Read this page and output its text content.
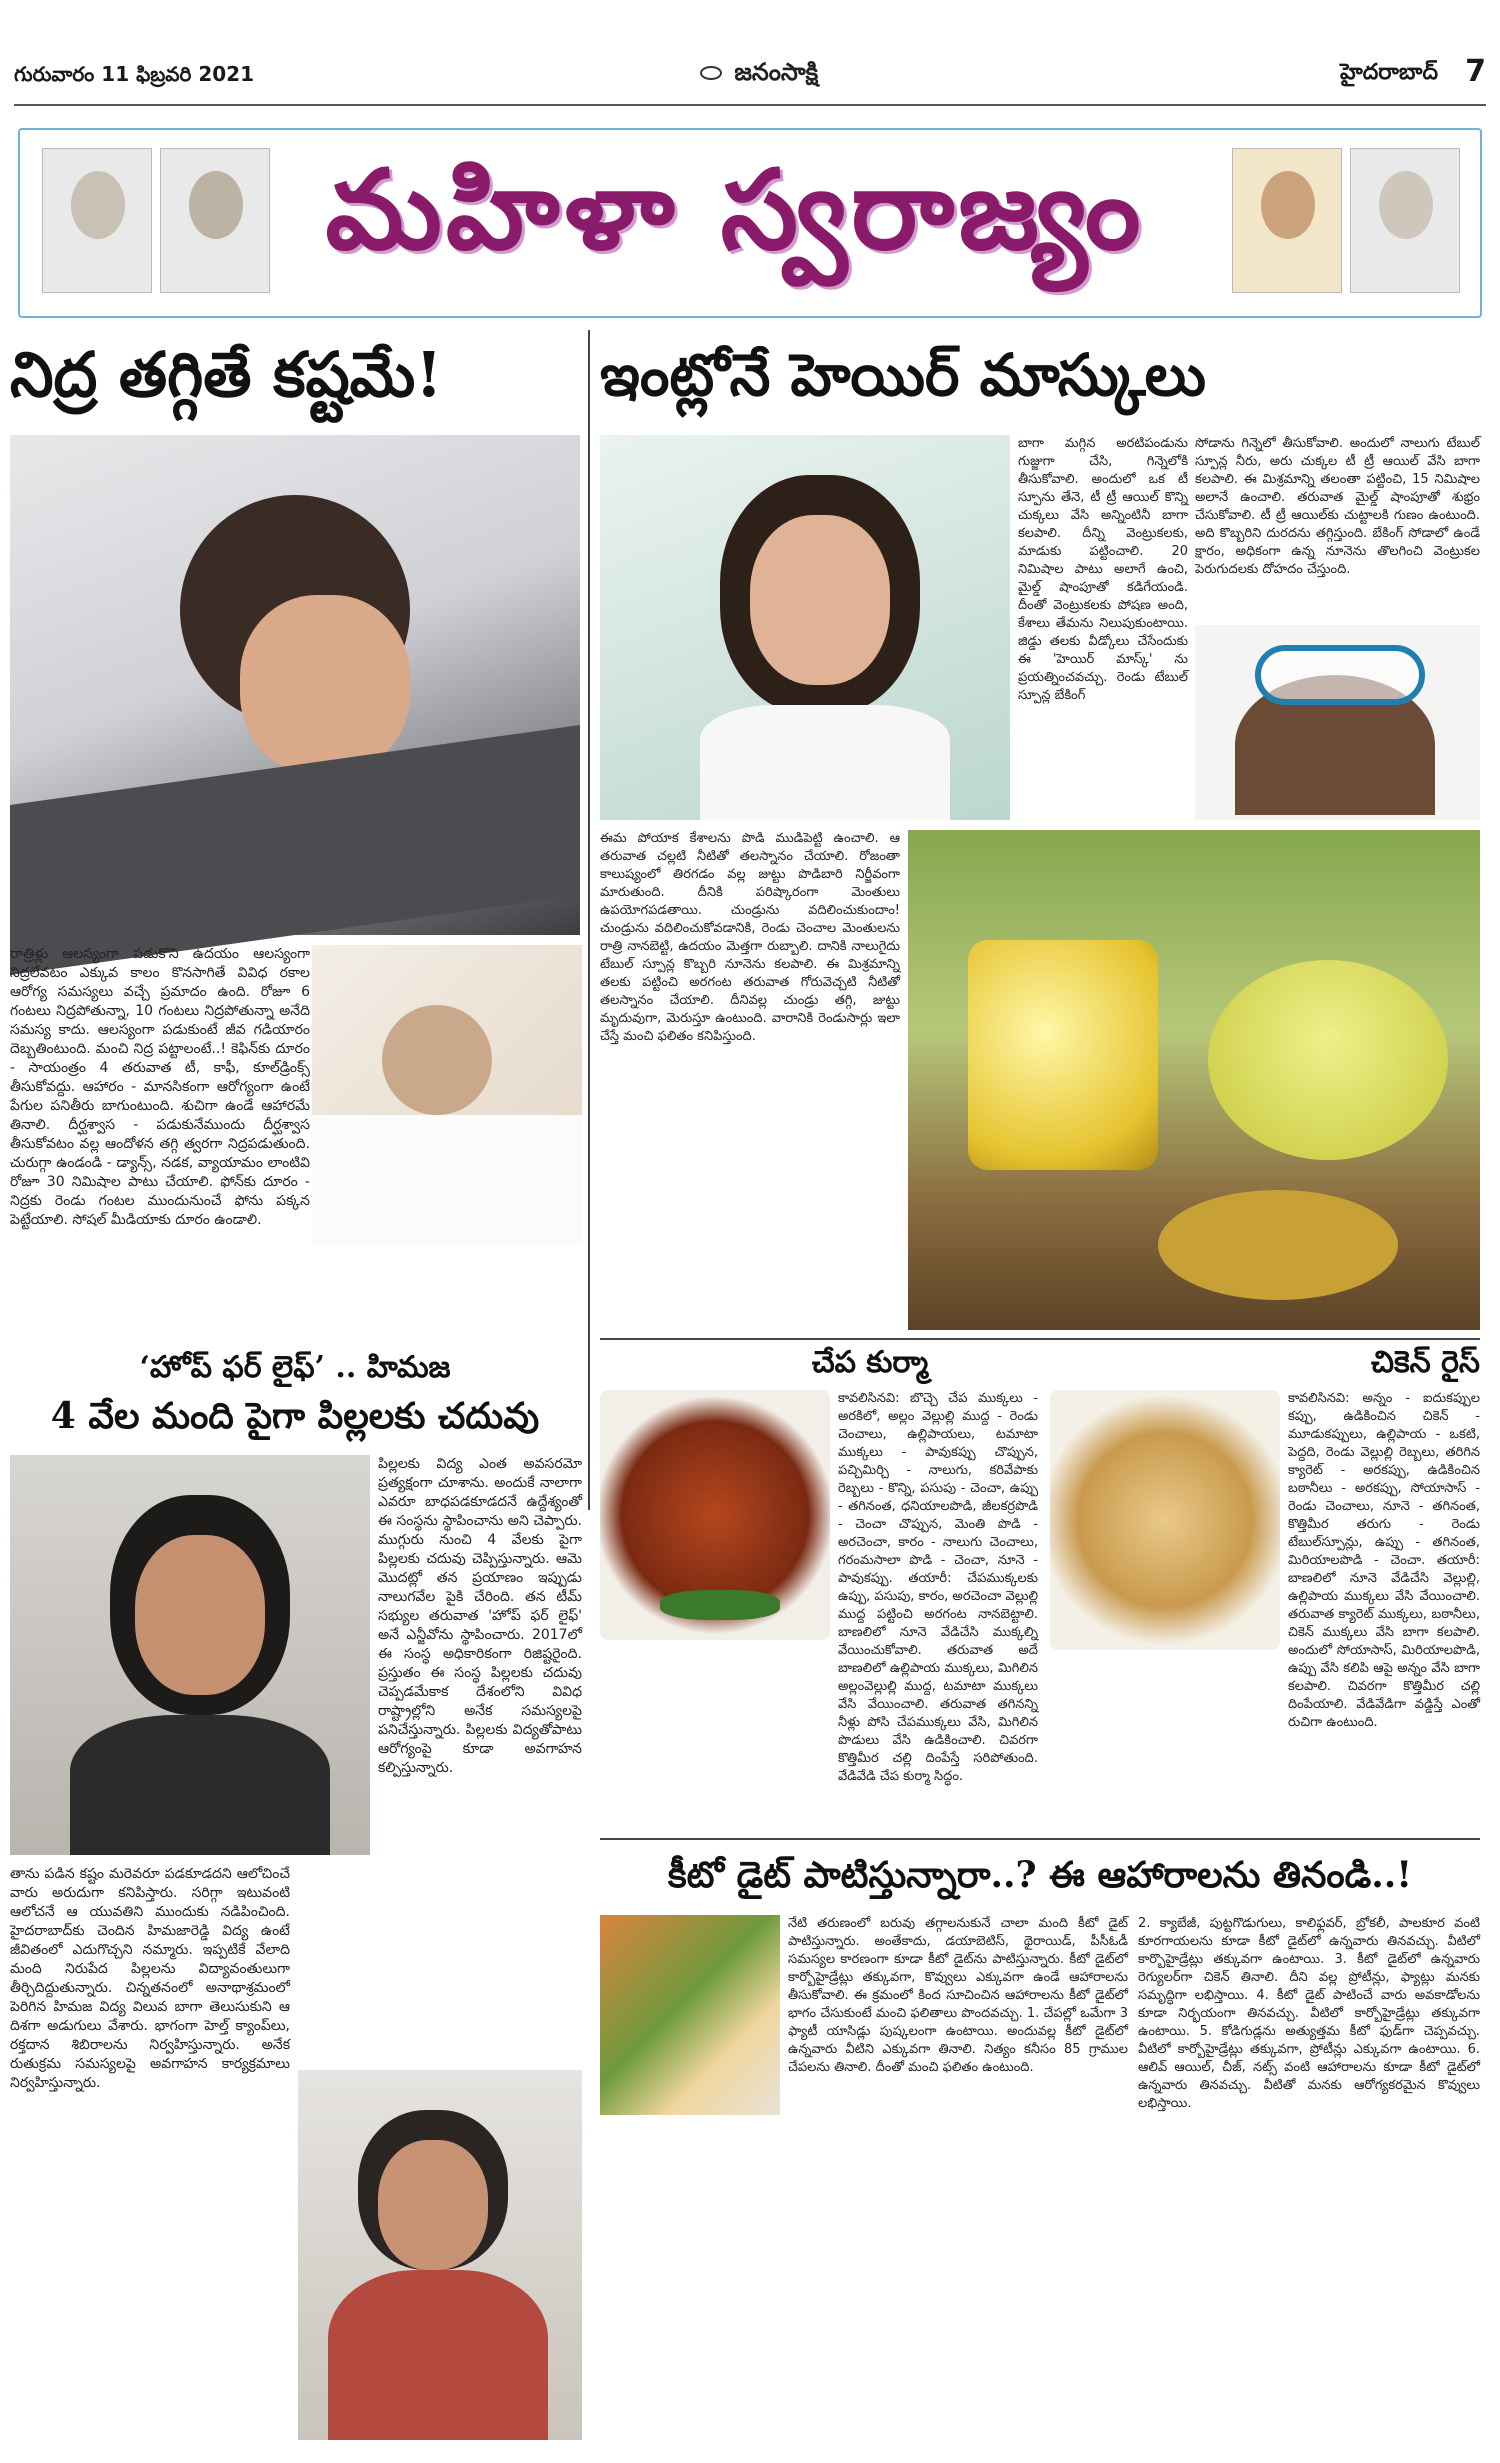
గురువారం 11 ఫిబ్రవరి 2021	జనంసాక్షి	హైదరాబాద్ 7
మహిళా స్వరాజ్యం
నిద్ర తగ్గితే కష్టమే!
రాత్రిళ్లు ఆలస్యంగా పడుకొని ఉదయం ఆలస్యంగా నిద్రలేవటం ఎక్కువ కాలం కొనసాగితే వివిధ రకాల ఆరోగ్య సమస్యలు వచ్చే ప్రమాదం ఉంది. రోజూ 6 గంటలు నిద్రపోతున్నా, 10 గంటలు నిద్రపోతున్నా అనేది సమస్య కాదు. ఆలస్యంగా పడుకుంటే జీవ గడియారం దెబ్బతింటుంది. మంచి నిద్ర పట్టాలంటే..! కెఫిన్‌కు దూరం - సాయంత్రం 4 తరువాత టీ, కాఫీ, కూల్‌డ్రింక్స్ తీసుకోవద్దు. ఆహారం - మానసికంగా ఆరోగ్యంగా ఉంటే పేగుల పనితీరు బాగుంటుంది. శుచిగా ఉండే ఆహారమే తినాలి. దీర్ఘశ్వాస - పడుకునేముందు దీర్ఘశ్వాస తీసుకోవటం వల్ల ఆందోళన తగ్గి త్వరగా నిద్రపడుతుంది. చురుగ్గా ఉండండి - డ్యాన్స్, నడక, వ్యాయామం లాంటివి రోజూ 30 నిమిషాల పాటు చేయాలి. ఫోన్‌కు దూరం - నిద్రకు రెండు గంటల ముందునుంచే ఫోను పక్కన పెట్టేయాలి. సోషల్ మీడియాకు దూరం ఉండాలి.
‘హోప్ ఫర్ లైఫ్’ .. హిమజ
4 వేల మంది పైగా పిల్లలకు చదువు
పిల్లలకు విద్య ఎంత అవసరమో ప్రత్యక్షంగా చూశాను. అందుకే నాలాగా ఎవరూ బాధపడకూడదనే ఉద్దేశ్యంతో ఈ సంస్థను స్థాపించాను అని చెప్పారు. ముగ్గురు నుంచి 4 వేలకు పైగా పిల్లలకు చదువు చెప్పిస్తున్నారు. ఆమె మొదట్లో తన ప్రయాణం ఇప్పుడు నాలుగవేల పైకి చేరింది. తన టీమ్ సభ్యుల తరువాత 'హోప్ ఫర్ లైఫ్' అనే ఎన్జీవోను స్థాపించారు. 2017లో ఈ సంస్థ అధికారికంగా రిజిష్టరైంది. ప్రస్తుతం ఈ సంస్థ పిల్లలకు చదువు చెప్పడమేకాక దేశంలోని వివిధ రాష్ట్రాల్లోని అనేక సమస్యలపై పనిచేస్తున్నారు. పిల్లలకు విద్యతోపాటు ఆరోగ్యంపై కూడా అవగాహన కల్పిస్తున్నారు.
తాను పడిన కష్టం మరెవరూ పడకూడదని ఆలోచించే వారు అరుదుగా కనిపిస్తారు. సరిగ్గా ఇటువంటి ఆలోచనే ఆ యువతిని ముందుకు నడిపించింది. హైదరాబాద్‌కు చెందిన హిమజారెడ్డి విద్య ఉంటే జీవితంలో ఎదుగొచ్చని నమ్మారు. ఇప్పటికే వేలాది మంది నిరుపేద పిల్లలను విద్యావంతులుగా తీర్చిదిద్దుతున్నారు. చిన్నతనంలో అనాథాశ్రమంలో పెరిగిన హిమజ విద్య విలువ బాగా తెలుసుకుని ఆ దిశగా అడుగులు వేశారు. భాగంగా హెల్త్ క్యాంప్‌లు, రక్తదాన శిబిరాలను నిర్వహిస్తున్నారు. అనేక రుతుక్రమ సమస్యలపై అవగాహన కార్యక్రమాలు నిర్వహిస్తున్నారు.
ఇంట్లోనే హెయిర్ మాస్కులు
బాగా మగ్గిన అరటిపండును గుజ్జుగా చేసి, గిన్నెలోకి తీసుకోవాలి. అందులో ఒక టీ స్పూను తేనె, టీ ట్రీ ఆయిల్ కొన్ని చుక్కలు వేసి అన్నింటినీ బాగా కలపాలి. దీన్ని వెంట్రుకలకు, మాడుకు పట్టించాలి. 20 నిమిషాల పాటు అలాగే ఉంచి, మైల్డ్ షాంపూతో కడిగేయండి. దీంతో వెంట్రుకలకు పోషణ అంది, కేశాలు తేమను నిలుపుకుంటాయి. జిడ్డు తలకు వీడ్కోలు చేసేందుకు ఈ 'హెయిర్ మాస్క్' ను ప్రయత్నించవచ్చు. రెండు టేబుల్ స్పూన్ల బేకింగ్
సోడాను గిన్నెలో తీసుకోవాలి. అందులో నాలుగు టేబుల్ స్పూన్ల నీరు, అరు చుక్కల టీ ట్రీ ఆయిల్ వేసి బాగా కలపాలి. ఈ మిశ్రమాన్ని తలంతా పట్టించి, 15 నిమిషాల అలానే ఉంచాలి. తరువాత మైల్డ్ షాంపూతో శుభ్రం చేసుకోవాలి. టీ ట్రీ ఆయిల్‌కు చుట్టాలకి గుణం ఉంటుంది. అది కొబ్బరిని దురదను తగ్గిస్తుంది. బేకింగ్ సోడాలో ఉండే క్షారం, అధికంగా ఉన్న నూనెను తొలగించి వెంట్రుకల పెరుగుదలకు దోహదం చేస్తుంది.
ఈమ పోయాక కేశాలను పొడి ముడిపెట్టి ఉంచాలి. ఆ తరువాత చల్లటి నీటితో తలస్నానం చేయాలి. రోజంతా కాలుష్యంలో తిరగడం వల్ల జుట్టు పొడిబారి నిర్జీవంగా మారుతుంది. దీనికి పరిష్కారంగా మెంతులు ఉపయోగపడతాయి. చుండ్రును వదిలించుకుందాం! చుండ్రును వదిలించుకోవడానికి, రెండు చెంచాల మెంతులను రాత్రి నానబెట్టి, ఉదయం మెత్తగా రుబ్బాలి. దానికి నాలుగైదు టేబుల్ స్పూన్ల కొబ్బరి నూనెను కలపాలి. ఈ మిశ్రమాన్ని తలకు పట్టించి అరగంట తరువాత గోరువెచ్చటి నీటితో తలస్నానం చేయాలి. దీనివల్ల చుండ్రు తగ్గి, జుట్టు మృదువుగా, మెరుస్తూ ఉంటుంది. వారానికి రెండుసార్లు ఇలా చేస్తే మంచి ఫలితం కనిపిస్తుంది.
చేప కుర్మా
కావలిసినవి: బొచ్చె చేప ముక్కలు - అరకిలో, అల్లం వెల్లుల్లి ముద్ద - రెండు చెంచాలు, ఉల్లిపాయలు, టమాటా ముక్కలు - పావుకప్పు చొప్పున, పచ్చిమిర్చి - నాలుగు, కరివేపాకు రెబ్బలు - కొన్ని, పసుపు - చెంచా, ఉప్పు - తగినంత, ధనియాలపొడి, జీలకర్రపొడి - చెంచా చొప్పున, మెంతి పొడి - అరచెంచా, కారం - నాలుగు చెంచాలు, గరంమసాలా పొడి - చెంచా, నూనె - పావుకప్పు. తయారీ: చేపముక్కలకు ఉప్పు, పసుపు, కారం, అరచెంచా వెల్లుల్లి ముద్ద పట్టించి అరగంట నానబెట్టాలి. బాణలిలో నూనె వేడిచేసి ముక్కల్ని వేయించుకోవాలి. తరువాత అదే బాణలిలో ఉల్లిపాయ ముక్కలు, మిగిలిన అల్లంవెల్లుల్లి ముద్ద, టమాటా ముక్కలు వేసి వేయించాలి. తరువాత తగినన్ని నీళ్లు పోసి చేపముక్కలు వేసి, మిగిలిన పొడులు వేసి ఉడికించాలి. చివరగా కొత్తిమీర చల్లి దింపేస్తే సరిపోతుంది. వేడివేడి చేప కుర్మా సిద్ధం.
చికెన్ రైస్
కావలిసినవి: అన్నం - ఐదుకప్పుల కప్పు, ఉడికించిన చికెన్ - మూడుకప్పులు, ఉల్లిపాయ - ఒకటి, పెద్దది, రెండు వెల్లుల్లి రెబ్బలు, తరిగిన క్యారెట్ - అరకప్పు, ఉడికించిన బఠానీలు - అరకప్పు, సోయాసాస్ - రెండు చెంచాలు, నూనె - తగినంత, కొత్తిమీర తరుగు - రెండు టేబుల్‌స్పూన్లు, ఉప్పు - తగినంత, మిరియాలపొడి - చెంచా. తయారీ: బాణలిలో నూనె వేడిచేసి వెల్లుల్లి, ఉల్లిపాయ ముక్కలు వేసి వేయించాలి. తరువాత క్యారెట్ ముక్కలు, బఠానీలు, చికెన్ ముక్కలు వేసి బాగా కలపాలి. అందులో సోయాసాస్, మిరియాలపొడి, ఉప్పు వేసి కలిపి ఆపై అన్నం వేసి బాగా కలపాలి. చివరగా కొత్తిమీర చల్లి దింపేయాలి. వేడివేడిగా వడ్డిస్తే ఎంతో రుచిగా ఉంటుంది.
కీటో డైట్ పాటిస్తున్నారా..? ఈ ఆహారాలను తినండి..!
నేటి తరుణంలో బరువు తగ్గాలనుకునే చాలా మంది కీటో డైట్ పాటిస్తున్నారు. అంతేకాదు, డయాబెటిస్, థైరాయిడ్, పీసీఓడీ సమస్యల కారణంగా కూడా కీటో డైట్‌ను పాటిస్తున్నారు. కీటో డైట్‌లో కార్బోహైడ్రేట్లు తక్కువగా, కొవ్వులు ఎక్కువగా ఉండే ఆహారాలను తీసుకోవాలి. ఈ క్రమంలో కింద సూచించిన ఆహారాలను కీటో డైట్‌లో భాగం చేసుకుంటే మంచి ఫలితాలు పొందవచ్చు. 1. చేపల్లో ఒమేగా 3 ఫ్యాటీ యాసిడ్లు పుష్కలంగా ఉంటాయి. అందువల్ల కీటో డైట్‌లో ఉన్నవారు వీటిని ఎక్కువగా తినాలి. నిత్యం కనీసం 85 గ్రాముల చేపలను తినాలి. దీంతో మంచి ఫలితం ఉంటుంది.
2. క్యాబేజీ, పుట్టగొడుగులు, కాలిఫ్లవర్, బ్రోకలీ, పాలకూర వంటి కూరగాయలను కూడా కీటో డైట్‌లో ఉన్నవారు తినవచ్చు. వీటిలో కార్బొహైడ్రేట్లు తక్కువగా ఉంటాయి. 3. కీటో డైట్‌లో ఉన్నవారు రెగ్యులర్‌గా చికెన్ తినాలి. దీని వల్ల ప్రోటీన్లు, ఫ్యాట్లు మనకు సమృద్ధిగా లభిస్తాయి. 4. కీటో డైట్ పాటించే వారు అవకాడోలను కూడా నిర్భయంగా తినవచ్చు. వీటిలో కార్బోహైడ్రేట్లు తక్కువగా ఉంటాయి. 5. కోడిగుడ్లను అత్యుత్తమ కీటో ఫుడ్‌గా చెప్పవచ్చు. వీటిలో కార్బోహైడ్రేట్లు తక్కువగా, ప్రోటీన్లు ఎక్కువగా ఉంటాయి. 6. ఆలివ్ ఆయిల్, చీజ్, నట్స్ వంటి ఆహారాలను కూడా కీటో డైట్‌లో ఉన్నవారు తినవచ్చు. వీటితో మనకు ఆరోగ్యకరమైన కొవ్వులు లభిస్తాయి.
